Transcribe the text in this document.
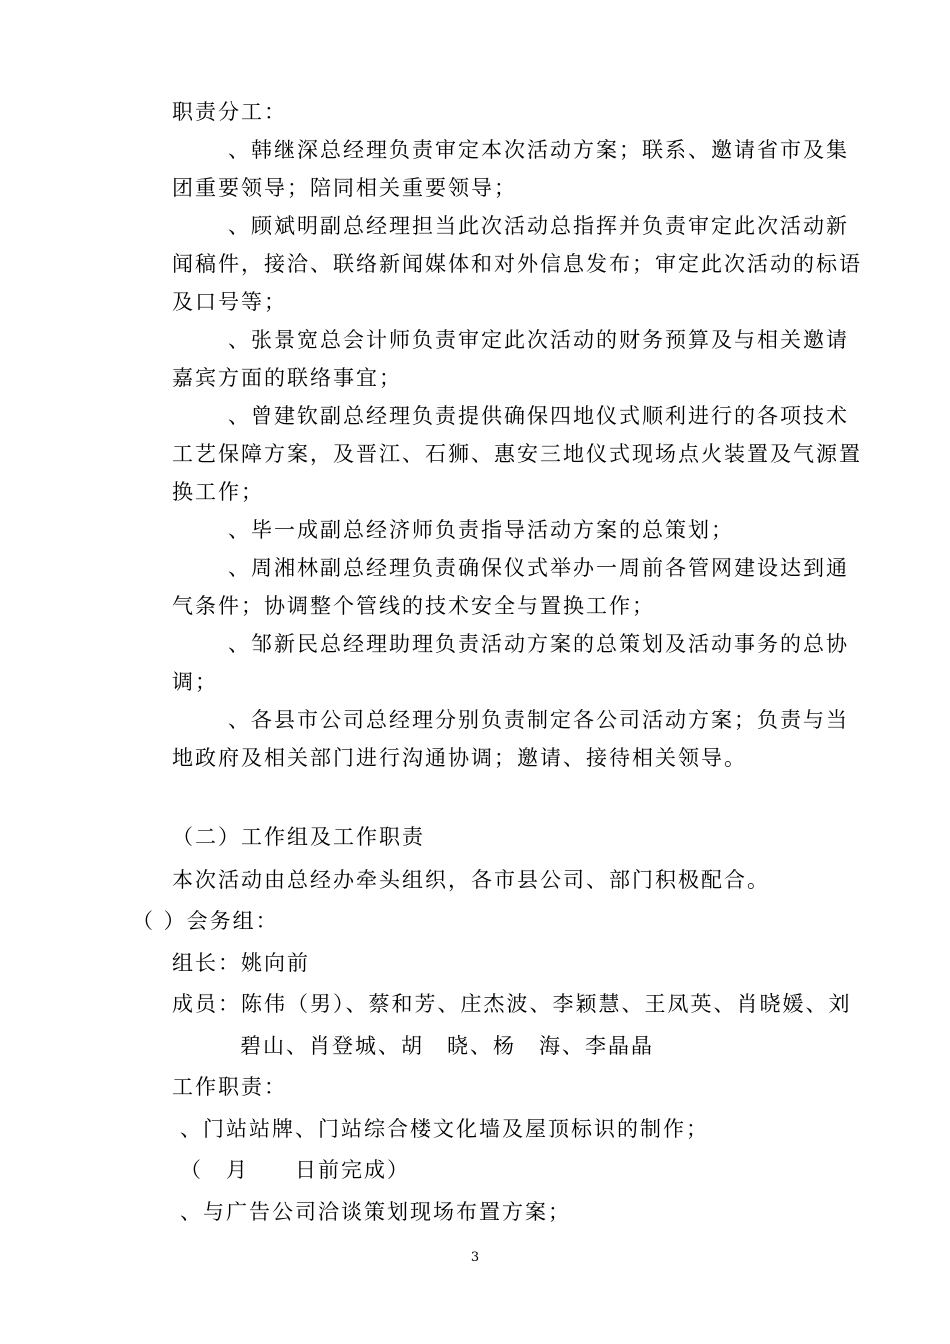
职责分工：

、韩继深总经理负责审定本次活动方案；联系、邀请省市及集

团重要领导；陪同相关重要领导；

、顾斌明副总经理担当此次活动总指挥并负责审定此次活动新

闻稿件，接洽、联络新闻媒体和对外信息发布；审定此次活动的标语

及口号等；

、张景宽总会计师负责审定此次活动的财务预算及与相关邀请

嘉宾方面的联络事宜；

、曾建钦副总经理负责提供确保四地仪式顺利进行的各项技术

工艺保障方案，及晋江、石狮、惠安三地仪式现场点火装置及气源置

换工作；

、毕一成副总经济师负责指导活动方案的总策划；

、周湘林副总经理负责确保仪式举办一周前各管网建设达到通

气条件；协调整个管线的技术安全与置换工作；

、邹新民总经理助理负责活动方案的总策划及活动事务的总协

调；

、各县市公司总经理分别负责制定各公司活动方案；负责与当

地政府及相关部门进行沟通协调；邀请、接待相关领导。

（二）工作组及工作职责

本次活动由总经办牵头组织，各市县公司、部门积极配合。

（ ）会务组：

组长：姚向前

成员：陈伟（男）、蔡和芳、庄杰波、李颖慧、王凤英、肖晓媛、刘

碧山、肖登城、胡　晓、杨　海、李晶晶

工作职责：

、门站站牌、门站综合楼文化墙及屋顶标识的制作；

（　月　　日前完成）

、与广告公司洽谈策划现场布置方案；

3
